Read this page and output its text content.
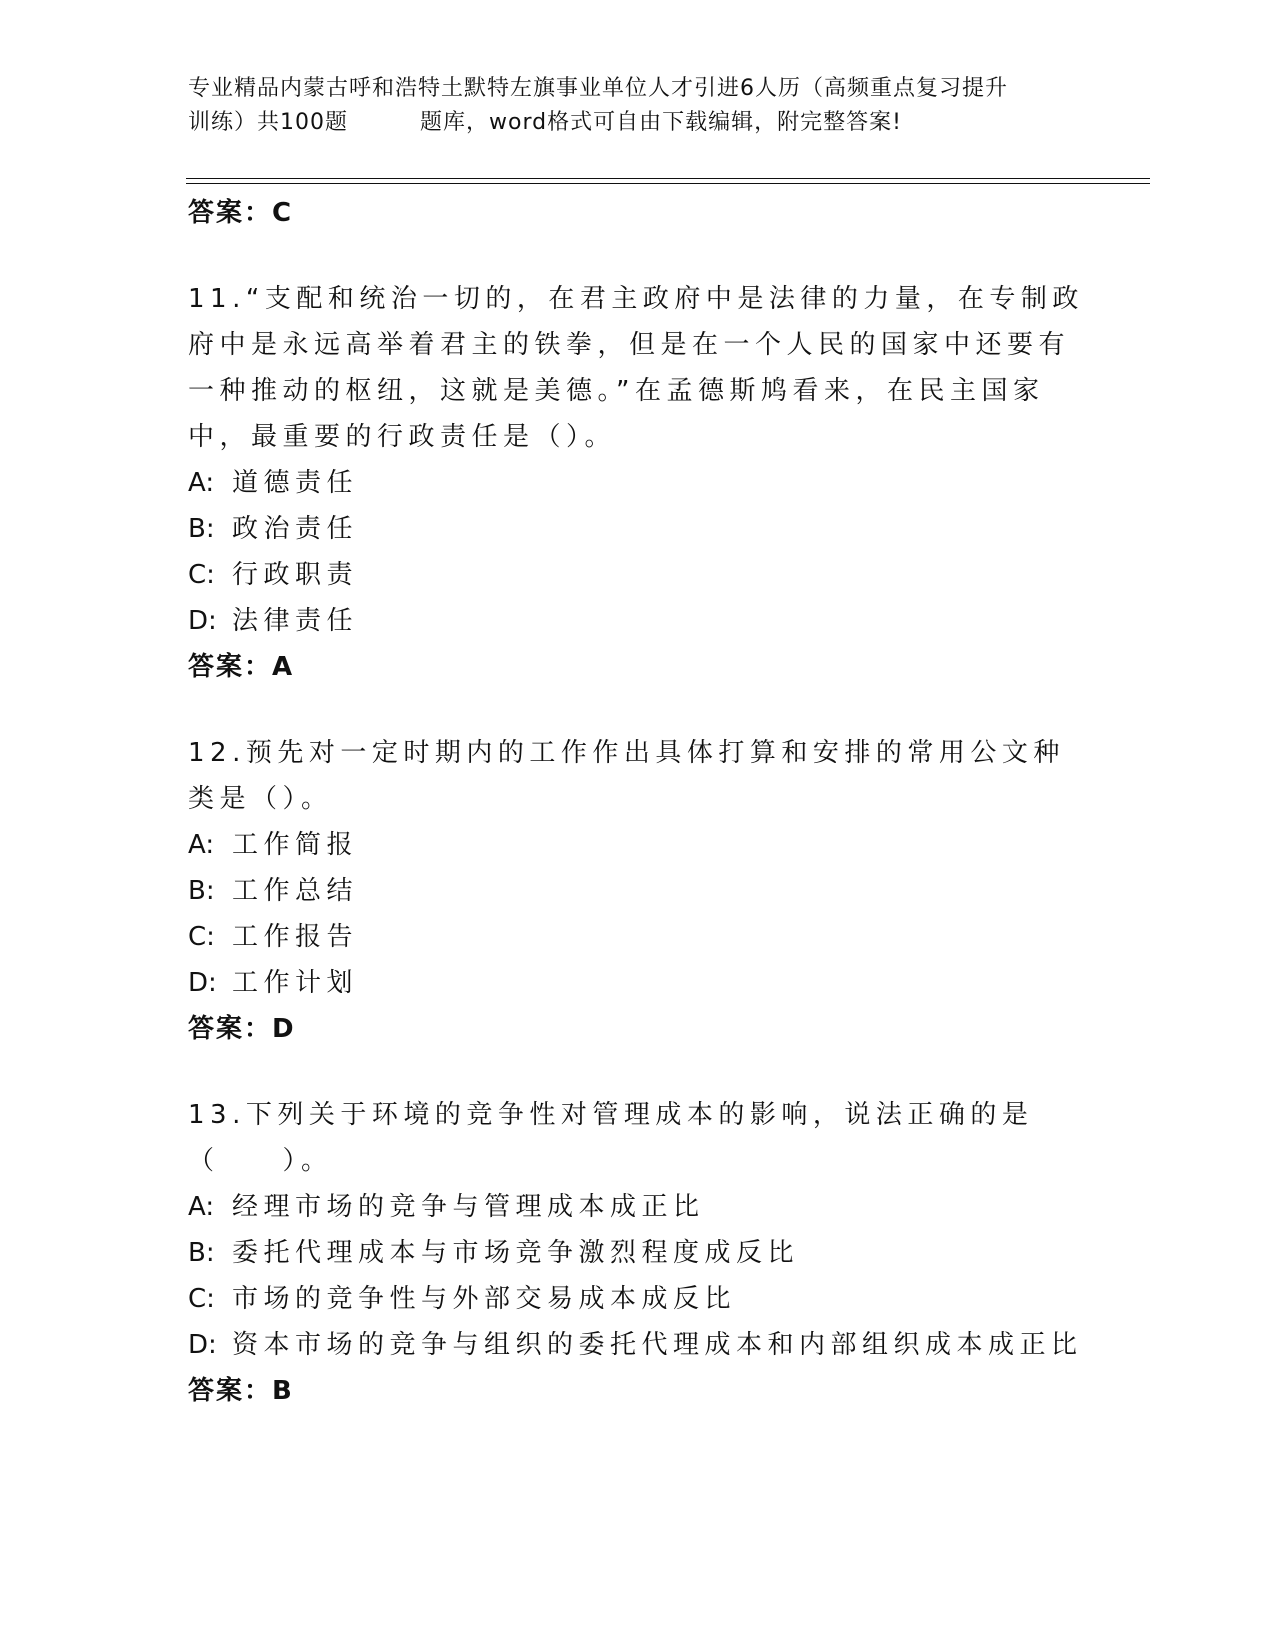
专业精品内蒙古呼和浩特土默特左旗事业单位人才引进6人历（高频重点复习提升
训练）共100题	题库，word格式可自由下载编辑，附完整答案!
答案：C

11.“支配和统治一切的，在君主政府中是法律的力量，在专制政府中是永远高举着君主的铁拳，但是在一个人民的国家中还要有一种推动的枢纽，这就是美德。”在孟德斯鸠看来，在民主国家中，最重要的行政责任是（）。

A: 道德责任
B: 政治责任
C: 行政职责
D: 法律责任
答案：A

12.预先对一定时期内的工作作出具体打算和安排的常用公文种类是（）。

A: 工作简报
B: 工作总结
C: 工作报告
D: 工作计划
答案：D

13.下列关于环境的竞争性对管理成本的影响，说法正确的是（　　）。

A: 经理市场的竞争与管理成本成正比
B: 委托代理成本与市场竞争激烈程度成反比
C: 市场的竞争性与外部交易成本成反比
D: 资本市场的竞争与组织的委托代理成本和内部组织成本成正比
答案：B
